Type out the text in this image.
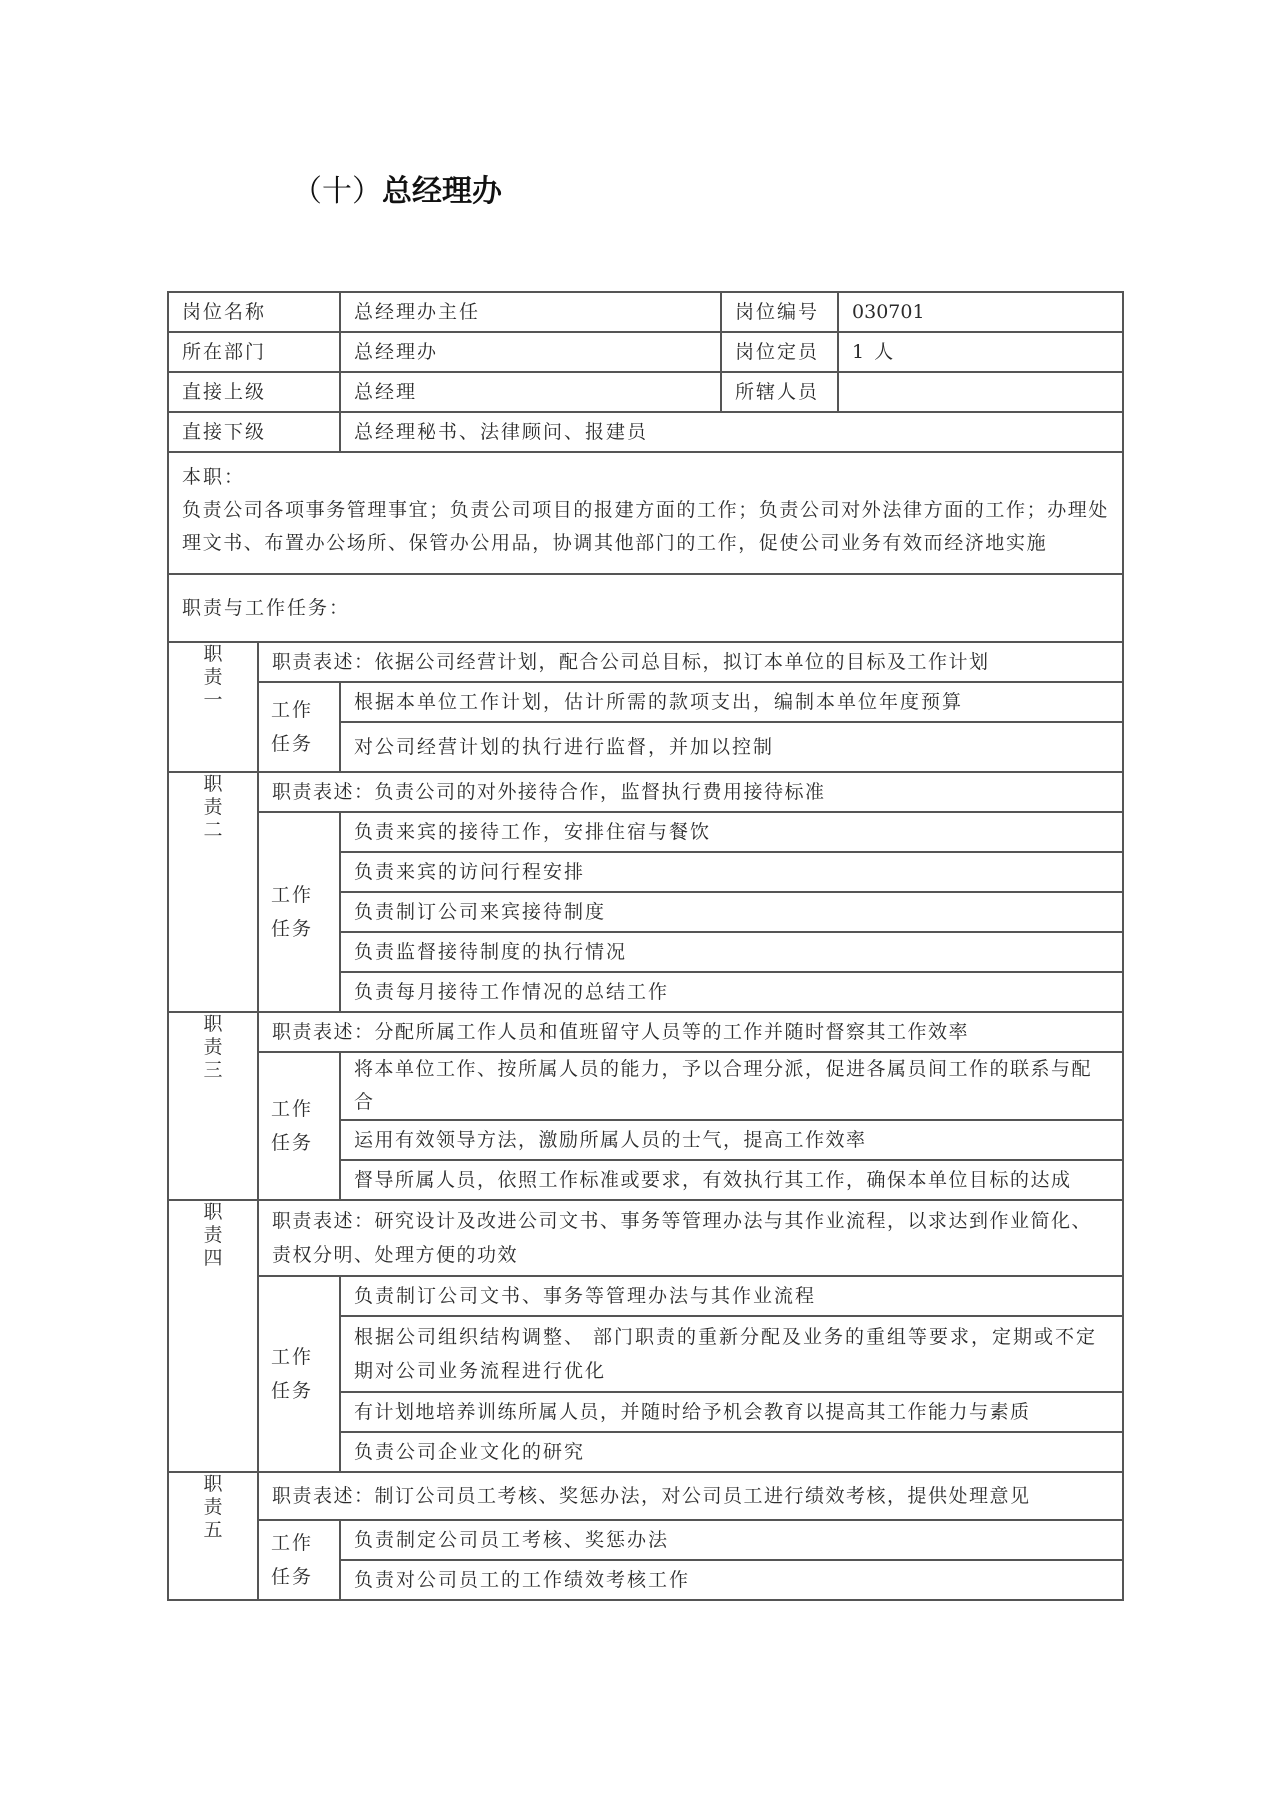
（十）总经理办
岗位名称		总经理办主任	岗位编号	030701
所在部门		总经理办	岗位定员	1 人
直接上级		总经理	所辖人员	
直接下级		总经理秘书、法律顾问、报建员		

本职：
负责公司各项事务管理事宜；负责公司项目的报建方面的工作；负责公司对外法律方面的工作；办理处理文书、布置办公场所、保管办公用品，协调其他部门的工作，促使公司业务有效而经济地实施				

职责与工作任务：				

职
责
一	职责表述：依据公司经营计划，配合公司总目标，拟订本单位的目标及工作计划			

	工作
任务	根据本单位工作计划，估计所需的款项支出，编制本单位年度预算		
		对公司经营计划的执行进行监督，并加以控制		

职
责
二	职责表述：负责公司的对外接待合作，监督执行费用接待标准			

	工作
任务	负责来宾的接待工作，安排住宿与餐饮		
		负责来宾的访问行程安排		
		负责制订公司来宾接待制度		
		负责监督接待制度的执行情况		
		负责每月接待工作情况的总结工作		

职
责
三	职责表述：分配所属工作人员和值班留守人员等的工作并随时督察其工作效率			

	工作
任务	将本单位工作、按所属人员的能力，予以合理分派，促进各属员间工作的联系与配合		
		运用有效领导方法，激励所属人员的士气，提高工作效率		
		督导所属人员，依照工作标准或要求，有效执行其工作，确保本单位目标的达成		

职
责
四	职责表述：研究设计及改进公司文书、事务等管理办法与其作业流程，以求达到作业简化、责权分明、处理方便的功效			

	工作
任务	负责制订公司文书、事务等管理办法与其作业流程		
		根据公司组织结构调整、 部门职责的重新分配及业务的重组等要求，定期或不定期对公司业务流程进行优化		
		有计划地培养训练所属人员，并随时给予机会教育以提高其工作能力与素质		
		负责公司企业文化的研究		

职
责
五	职责表述：制订公司员工考核、奖惩办法，对公司员工进行绩效考核，提供处理意见			

	工作
任务	负责制定公司员工考核、奖惩办法		
		负责对公司员工的工作绩效考核工作		
